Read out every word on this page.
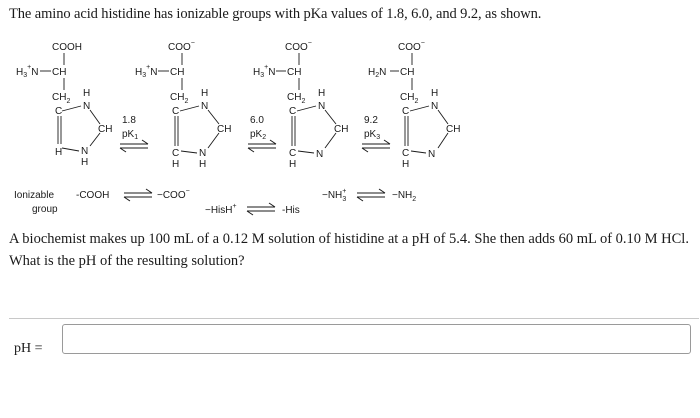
The amino acid histidine has ionizable groups with pKa values of 1.8, 6.0, and 9.2, as shown.
COOH
$H_3^+N$ CH
$CH_2$
H
N
C
CH
H N
H
1.8
$pK_1$
COO−
$H_3^+N$ CH
$CH_2$
H
N
C
CH
C
H
N
H
6.0
$pK_2$
COO−
$H_3^+N$ CH
$CH_2$
H
N
C
CH
C
H
N
9.2
$pK_3$
COO−
$H_2N$ CH
$CH_2$
H
N
C
CH
C
H
N
Ionizable
group
-COOH	−COO−
−HisH+	-His
−NH+ 3	$-NH_2$
A biochemist makes up 100 mL of a 0.12 M solution of histidine at a pH of 5.4. She then adds 60 mL of 0.10 M HCl. What is the pH of the resulting solution?
pH =
